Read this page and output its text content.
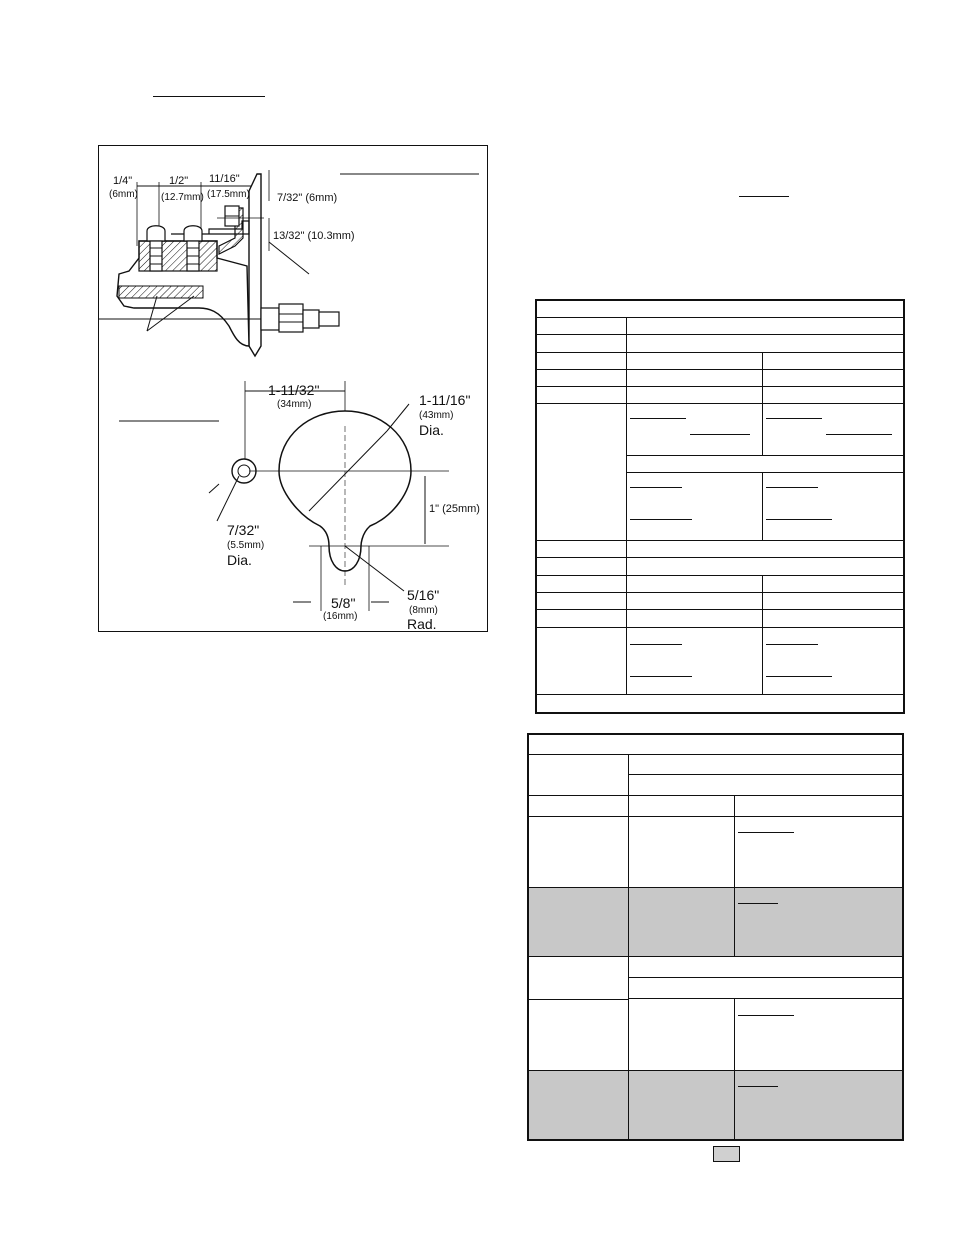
1/4"
(6mm)
1/2"
(12.7mm)
11/16"
(17.5mm) 7/32" (6mm)
13/32" (10.3mm)
1-11/32"
(34mm)	1-11/16"
(43mm)
Dia.
1" (25mm)
7/32"
(5.5mm)
Dia.
5/8"
(16mm)
5/16"
(8mm)
Rad.
